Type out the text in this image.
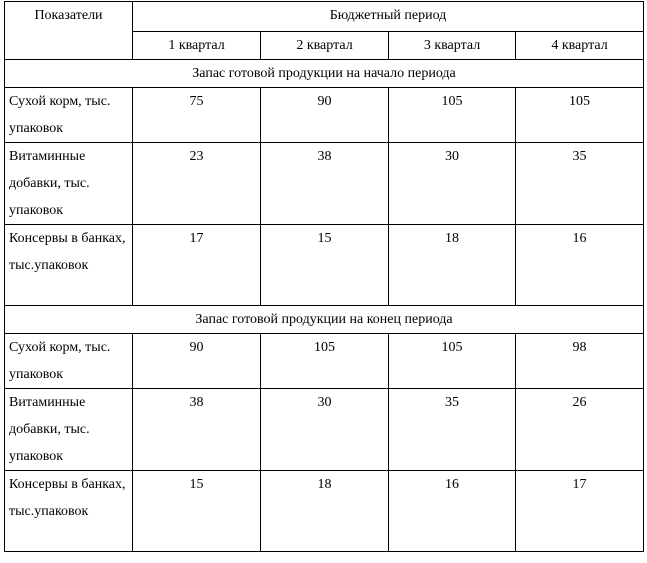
Показатели	Бюджетный период			
	1 квартал	2 квартал	3 квартал	4 квартал
Запас готовой продукции на начало периода				
Сухой корм, тыс. упаковок	75	90	105	105
Витаминные добавки, тыс. упаковок	23	38	30	35
Консервы в банках, тыс.упаковок	17	15	18	16
Запас готовой продукции на конец периода				
Сухой корм, тыс. упаковок	90	105	105	98
Витаминные добавки, тыс. упаковок	38	30	35	26
Консервы в банках, тыс.упаковок	15	18	16	17
